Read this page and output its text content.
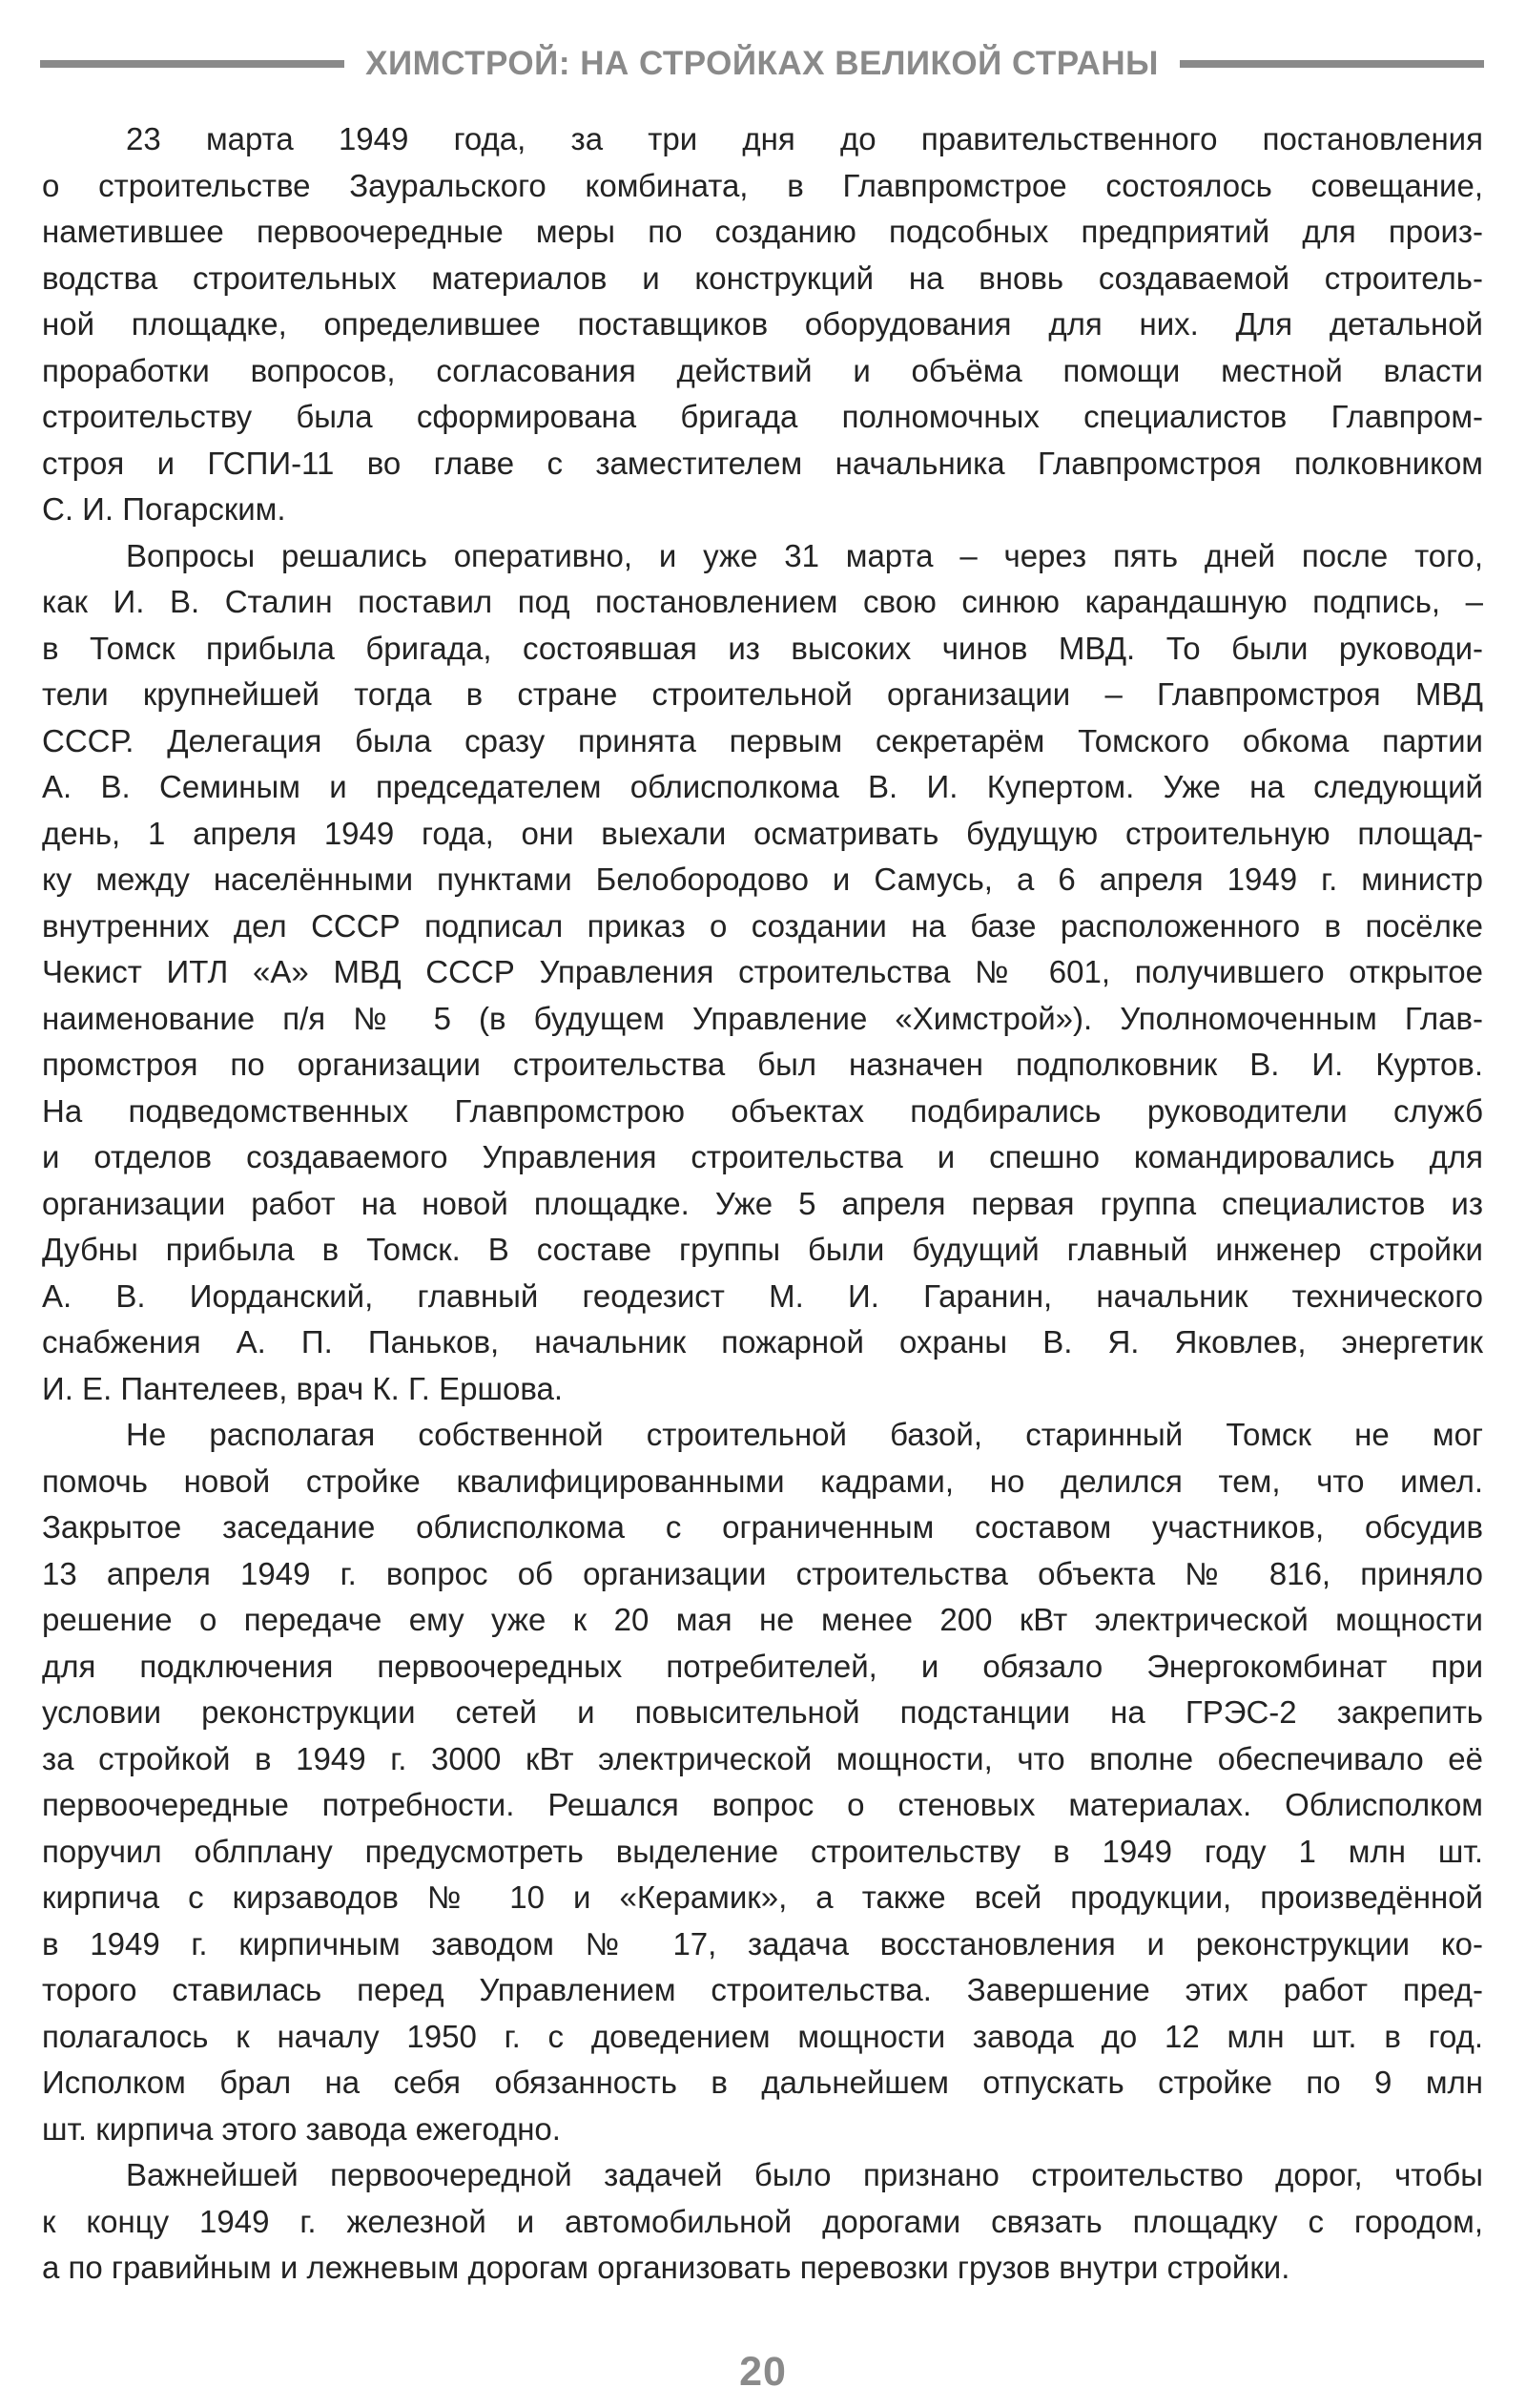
ХИМСТРОЙ: НА СТРОЙКАХ ВЕЛИКОЙ СТРАНЫ
23 марта 1949 года, за три дня до правительственного постановления
о строительстве Зауральского комбината, в Главпромстрое состоялось совещание,
наметившее первоочередные меры по созданию подсобных предприятий для произ-
водства строительных материалов и конструкций на вновь создаваемой строитель-
ной площадке, определившее поставщиков оборудования для них. Для детальной
проработки вопросов, согласования действий и объёма помощи местной власти
строительству была сформирована бригада полномочных специалистов Главпром-
строя и ГСПИ-11 во главе с заместителем начальника Главпромстроя полковником
С. И. Погарским.
Вопросы решались оперативно, и уже 31 марта – через пять дней после того,
как И. В. Сталин поставил под постановлением свою синюю карандашную подпись, –
в Томск прибыла бригада, состоявшая из высоких чинов МВД. То были руководи-
тели крупнейшей тогда в стране строительной организации – Главпромстроя МВД
СССР. Делегация была сразу принята первым секретарём Томского обкома партии
А. В. Семиным и председателем облисполкома В. И. Купертом. Уже на следующий
день, 1 апреля 1949 года, они выехали осматривать будущую строительную площад-
ку между населёнными пунктами Белобородово и Самусь, а 6 апреля 1949 г. министр
внутренних дел СССР подписал приказ о создании на базе расположенного в посёлке
Чекист ИТЛ «А» МВД СССР Управления строительства № 601, получившего открытое
наименование п/я № 5 (в будущем Управление «Химстрой»). Уполномоченным Глав-
промстроя по организации строительства был назначен подполковник В. И. Куртов.
На подведомственных Главпромстрою объектах подбирались руководители служб
и отделов создаваемого Управления строительства и спешно командировались для
организации работ на новой площадке. Уже 5 апреля первая группа специалистов из
Дубны прибыла в Томск. В составе группы были будущий главный инженер стройки
А. В. Иорданский, главный геодезист М. И. Гаранин, начальник технического
снабжения А. П. Паньков, начальник пожарной охраны В. Я. Яковлев, энергетик
И. Е. Пантелеев, врач К. Г. Ершова.
Не располагая собственной строительной базой, старинный Томск не мог
помочь новой стройке квалифицированными кадрами, но делился тем, что имел.
Закрытое заседание облисполкома с ограниченным составом участников, обсудив
13 апреля 1949 г. вопрос об организации строительства объекта № 816, приняло
решение о передаче ему уже к 20 мая не менее 200 кВт электрической мощности
для подключения первоочередных потребителей, и обязало Энергокомбинат при
условии реконструкции сетей и повысительной подстанции на ГРЭС-2 закрепить
за стройкой в 1949 г. 3000 кВт электрической мощности, что вполне обеспечивало её
первоочередные потребности. Решался вопрос о стеновых материалах. Облисполком
поручил облплану предусмотреть выделение строительству в 1949 году 1 млн шт.
кирпича с кирзаводов № 10 и «Керамик», а также всей продукции, произведённой
в 1949 г. кирпичным заводом № 17, задача восстановления и реконструкции ко-
торого ставилась перед Управлением строительства. Завершение этих работ пред-
полагалось к началу 1950 г. с доведением мощности завода до 12 млн шт. в год.
Исполком брал на себя обязанность в дальнейшем отпускать стройке по 9 млн
шт. кирпича этого завода ежегодно.
Важнейшей первоочередной задачей было признано строительство дорог, чтобы
к концу 1949 г. железной и автомобильной дорогами связать площадку с городом,
а по гравийным и лежневым дорогам организовать перевозки грузов внутри стройки.
20
